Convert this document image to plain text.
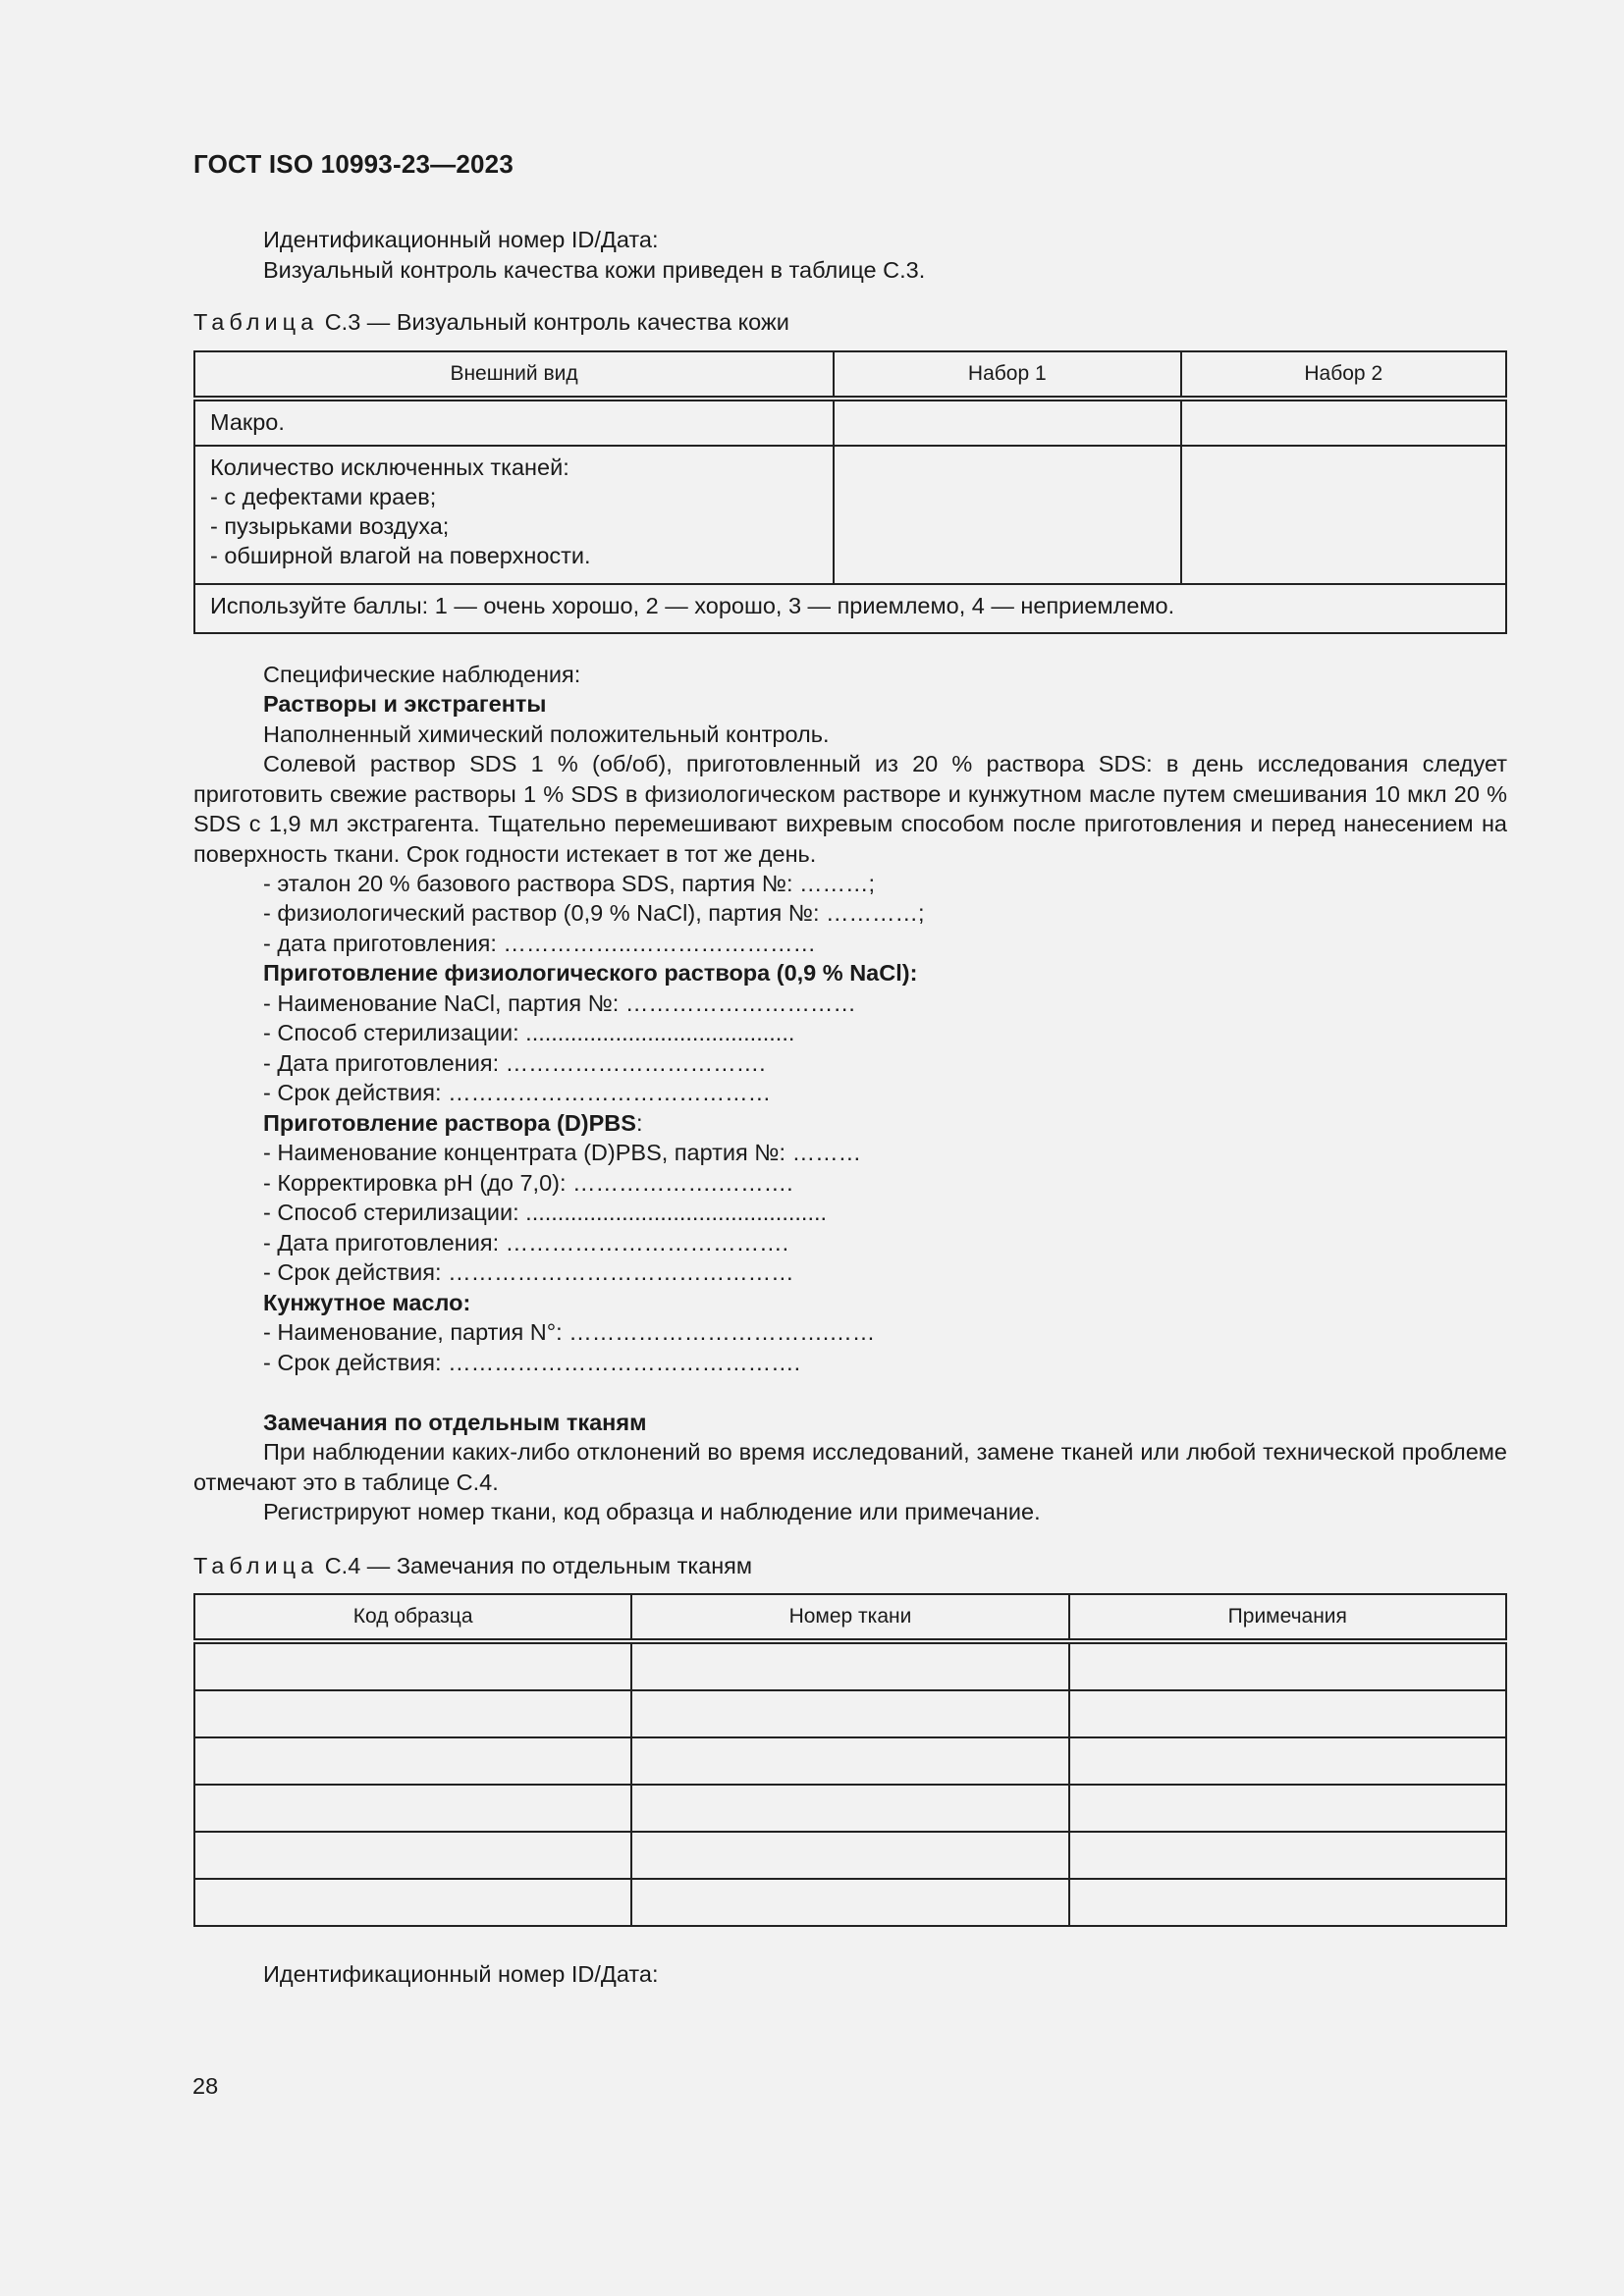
ГОСТ ISO 10993-23—2023
Идентификационный номер ID/Дата:
Визуальный контроль качества кожи приведен в таблице С.3.
Таблица С.3 — Визуальный контроль качества кожи
Внешний вид	Набор 1	Набор 2
Макро.		

Количество исключенных тканей:
- с дефектами краев;
- пузырьками воздуха;
- обширной влагой на поверхности.		

Используйте баллы: 1 — очень хорошо, 2 — хорошо, 3 — приемлемо, 4 — неприемлемо.		
Специфические наблюдения:
Растворы и экстрагенты
Наполненный химический положительный контроль.
Солевой раствор SDS 1 % (об/об), приготовленный из 20 % раствора SDS: в день исследования следует приготовить свежие растворы 1 % SDS в физиологическом растворе и кунжутном масле путем смешивания 10 мкл 20 % SDS с 1,9 мл экстрагента. Тщательно перемешивают вихревым способом после приготовления и перед нанесением на поверхность ткани. Срок годности истекает в тот же день.
- эталон 20 % базового раствора SDS, партия №: ………;
- физиологический раствор (0,9 % NaCl), партия №: …………;
- дата приготовления: ……………..……………………
Приготовление физиологического раствора (0,9 % NaCl):
- Наименование NaCl, партия №: …………………………
- Способ стерилизации: ..........................................
- Дата приготовления: …………………………….
- Срок действия: ……………………………………
Приготовление раствора (D)PBS:
- Наименование концентрата (D)PBS, партия №: ………
- Корректировка pH (до 7,0): ……………….……….
- Способ стерилизации: ...............................................
- Дата приготовления: ……………………………….
- Срок действия: ………………………………………
Кунжутное масло:
- Наименование, партия N°: …………………………….……
- Срок действия: ……………………………………….
Замечания по отдельным тканям
При наблюдении каких-либо отклонений во время исследований, замене тканей или любой технической проблеме отмечают это в таблице С.4.
Регистрируют номер ткани, код образца и наблюдение или примечание.
Таблица С.4 — Замечания по отдельным тканям
Код образца	Номер ткани	Примечания

Идентификационный номер ID/Дата:
28
